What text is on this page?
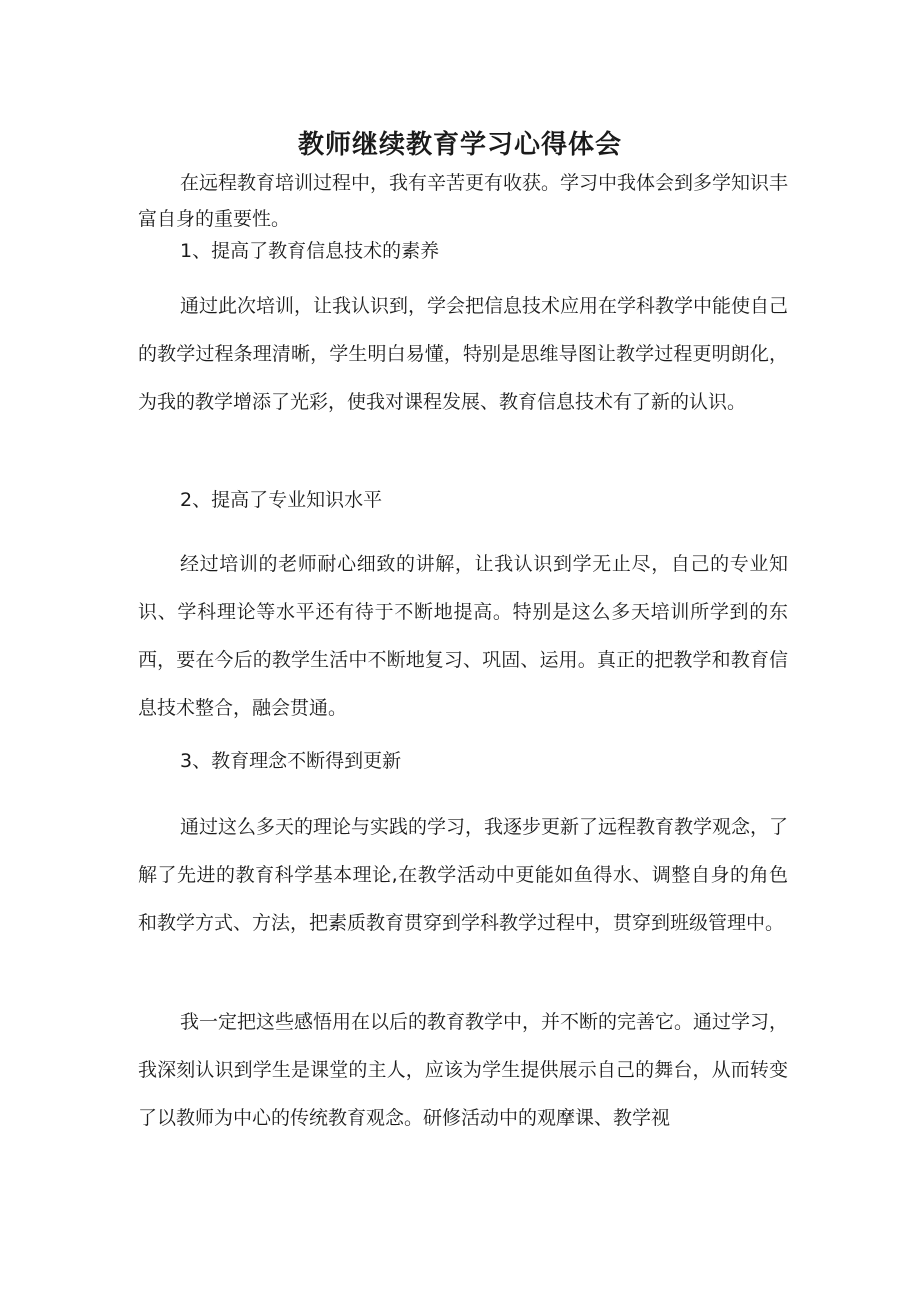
教师继续教育学习心得体会

在远程教育培训过程中，我有辛苦更有收获。学习中我体会到多学知识丰富自身的重要性。

1、提高了教育信息技术的素养

通过此次培训，让我认识到，学会把信息技术应用在学科教学中能使自己的教学过程条理清晰，学生明白易懂，特别是思维导图让教学过程更明朗化，为我的教学增添了光彩，使我对课程发展、教育信息技术有了新的认识。

2、提高了专业知识水平

经过培训的老师耐心细致的讲解，让我认识到学无止尽，自己的专业知识、学科理论等水平还有待于不断地提高。特别是这么多天培训所学到的东西，要在今后的教学生活中不断地复习、巩固、运用。真正的把教学和教育信息技术整合，融会贯通。

3、教育理念不断得到更新

通过这么多天的理论与实践的学习，我逐步更新了远程教育教学观念，了解了先进的教育科学基本理论,在教学活动中更能如鱼得水、调整自身的角色和教学方式、方法，把素质教育贯穿到学科教学过程中，贯穿到班级管理中。

我一定把这些感悟用在以后的教育教学中，并不断的完善它。通过学习，我深刻认识到学生是课堂的主人，应该为学生提供展示自己的舞台，从而转变了以教师为中心的传统教育观念。研修活动中的观摩课、教学视
